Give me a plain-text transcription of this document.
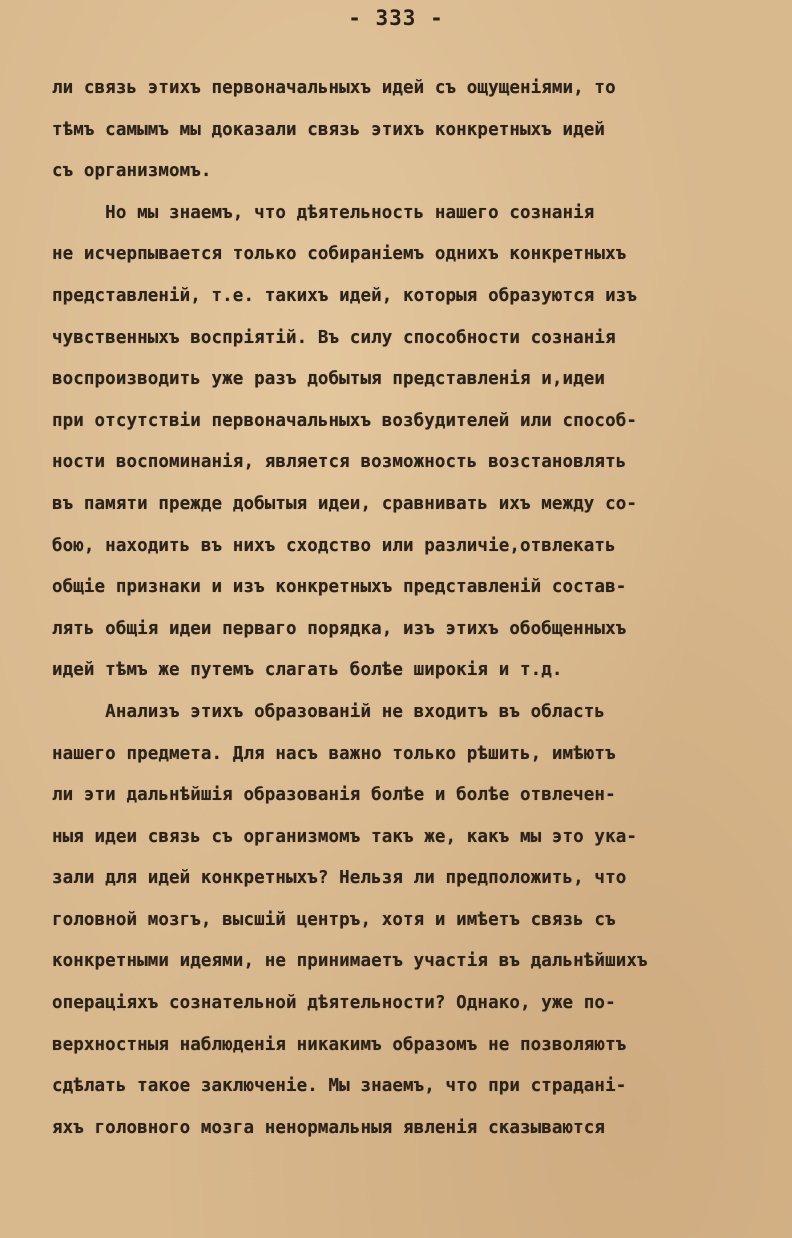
- 333 -
ли связь этихъ первоначальныхъ идей съ ощущеніями, то
тѣмъ самымъ мы доказали связь этихъ конкретныхъ идей
съ организмомъ.
Но мы знаемъ, что дѣятельность нашего сознанія
не исчерпывается только собираніемъ однихъ конкретныхъ
представленій, т.е. такихъ идей, которыя образуются изъ
чувственныхъ воспріятій. Въ силу способности сознанія
воспроизводить уже разъ добытыя представленія и,идеи
при отсутствіи первоначальныхъ возбудителей или способ-
ности воспоминанія, является возможность возстановлять
въ памяти прежде добытыя идеи, сравнивать ихъ между со-
бою, находить въ нихъ сходство или различіе,отвлекать
общіе признаки и изъ конкретныхъ представленій состав-
лять общія идеи перваго порядка, изъ этихъ обобщенныхъ
идей тѣмъ же путемъ слагать болѣе широкія и т.д.
Анализъ этихъ образованій не входитъ въ область
нашего предмета. Для насъ важно только рѣшить, имѣютъ
ли эти дальнѣйшія образованія болѣе и болѣе отвлечен-
ныя идеи связь съ организмомъ такъ же, какъ мы это ука-
зали для идей конкретныхъ? Нельзя ли предположить, что
головной мозгъ, высшій центръ, хотя и имѣетъ связь съ
конкретными идеями, не принимаетъ участія въ дальнѣйшихъ
операціяхъ сознательной дѣятельности? Однако, уже по-
верхностныя наблюденія никакимъ образомъ не позволяютъ
сдѣлать такое заключеніе. Мы знаемъ, что при страдані-
яхъ головного мозга ненормальныя явленія сказываются
